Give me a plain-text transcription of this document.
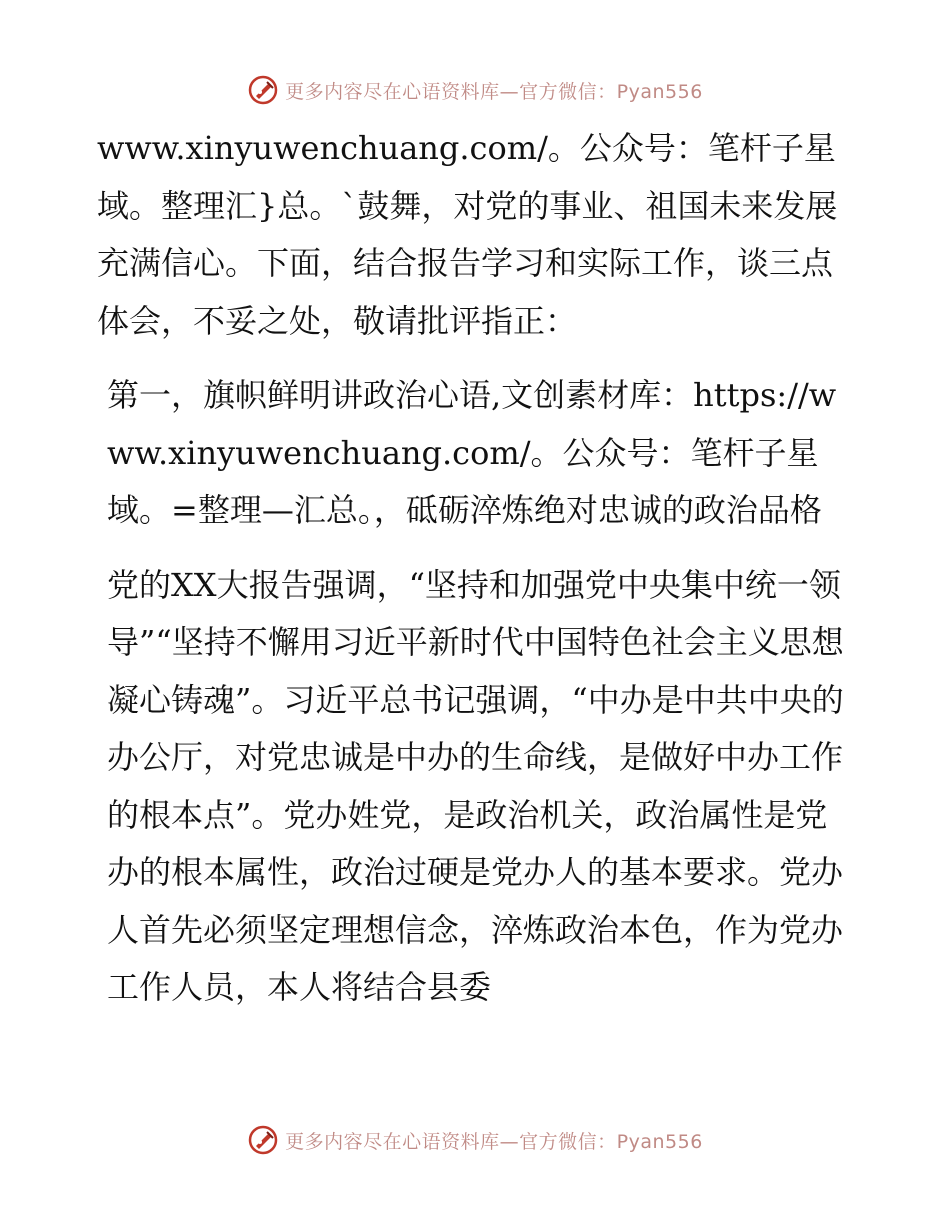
更多内容尽在心语资料库—官方微信：Pyan556

www.xinyuwenchuang.com/。公众号：笔杆子星域。整理汇}总。`鼓舞，对党的事业、祖国未来发展充满信心。下面，结合报告学习和实际工作，谈三点体会，不妥之处，敬请批评指正：

第一，旗帜鲜明讲政治心语,文创素材库：https://www.xinyuwenchuang.com/。公众号：笔杆子星域。=整理—汇总。，砥砺淬炼绝对忠诚的政治品格

党的XX大报告强调，“坚持和加强党中央集中统一领导”“坚持不懈用习近平新时代中国特色社会主义思想凝心铸魂”。习近平总书记强调，“中办是中共中央的办公厅，对党忠诚是中办的生命线，是做好中办工作的根本点”。党办姓党，是政治机关，政治属性是党办的根本属性，政治过硬是党办人的基本要求。党办人首先必须坚定理想信念，淬炼政治本色，作为党办工作人员，本人将结合县委

更多内容尽在心语资料库—官方微信：Pyan556
